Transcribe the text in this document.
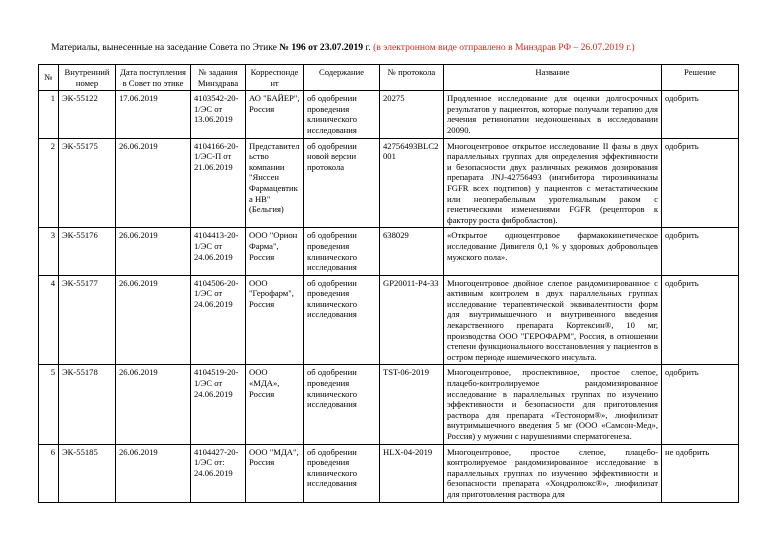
Материалы, вынесенные на заседание Совета по Этике № 196 от 23.07.2019 г. (в электронном виде отправлено в Минздрав РФ – 26.07.2019 г.)
№	Внутренний номер	Дата поступления в Совет по этике	№ задания Минздрава	Корреспондент	Содержание	№ протокола	Название	Решение
1	ЭК-55122	17.06.2019	4103542-20-1/ЭС от 13.06.2019	АО "БАЙЕР", Россия	об одобрении проведения клинического исследования	20275	Продленное исследование для оценки долгосрочных результатов у пациентов, которые получали терапию для лечения ретинопатии недоношенных в исследовании 20090.	одобрить
2	ЭК-55175	26.06.2019	4104166-20-1/ЭС-П от 21.06.2019	Представительство компании "Янссен Фармацевтика НВ" (Бельгия)	об одобрении новой версии протокола	42756493BLC2001	Многоцентровое открытое исследование II фазы в двух параллельных группах для определения эффективности и безопасности двух различных режимов дозирования препарата JNJ-42756493 (ингибитора тирозинкиназы FGFR всех подтипов) у пациентов с метастатическим или неоперабельным уротелиальным раком с генетическими изменениями FGFR (рецепторов к фактору роста фибробластов).	одобрить
3	ЭК-55176	26.06.2019	4104413-20-1/ЭС от 24.06.2019	ООО "Орион Фарма", Россия	об одобрении проведения клинического исследования	638029	«Открытое одноцентровое фармакокинетическое исследование Дивигеля 0,1 % у здоровых добровольцев мужского пола».	одобрить
4	ЭК-55177	26.06.2019	4104506-20-1/ЭС от 24.06.2019	ООО "Герофарм", Россия	об одобрении проведения клинического исследования	GP20011-P4-33	Многоцентровое двойное слепое рандомизированное с активным контролем в двух параллельных группах исследование терапевтической эквивалентности форм для внутримышечного и внутривенного введения лекарственного препарата Кортексин®, 10 мг, производства ООО "ГЕРОФАРМ", Россия, в отношении степени функционального восстановления у пациентов в остром периоде ишемического инсульта.	одобрить
5	ЭК-55178	26.06.2019	4104519-20-1/ЭС от 24.06.2019	ООО «МДА», Россия	об одобрении проведения клинического исследования	TST-06-2019	Многоцентровое, проспективное, простое слепое, плацебо-контролируемое рандомизированное исследование в параллельных группах по изучению эффективности и безопасности для приготовления раствора для препарата «Тестонорм®», лиофилизат внутримышечного введения 5 мг (ООО «Самсон-Мед», Россия) у мужчин с нарушениями сперматогенеза.	одобрить
6	ЭК-55185	26.06.2019	4104427-20-1/ЭС от: 24.06.2019	ООО "МДА", Россия	об одобрении проведения клинического исследования	HLX-04-2019	Многоцентровое, простое слепое, плацебо-контролируемое рандомизированное исследование в параллельных группах по изучению эффективности и безопасности препарата «Хондролюкс®», лиофилизат для приготовления раствора для	не одобрить
